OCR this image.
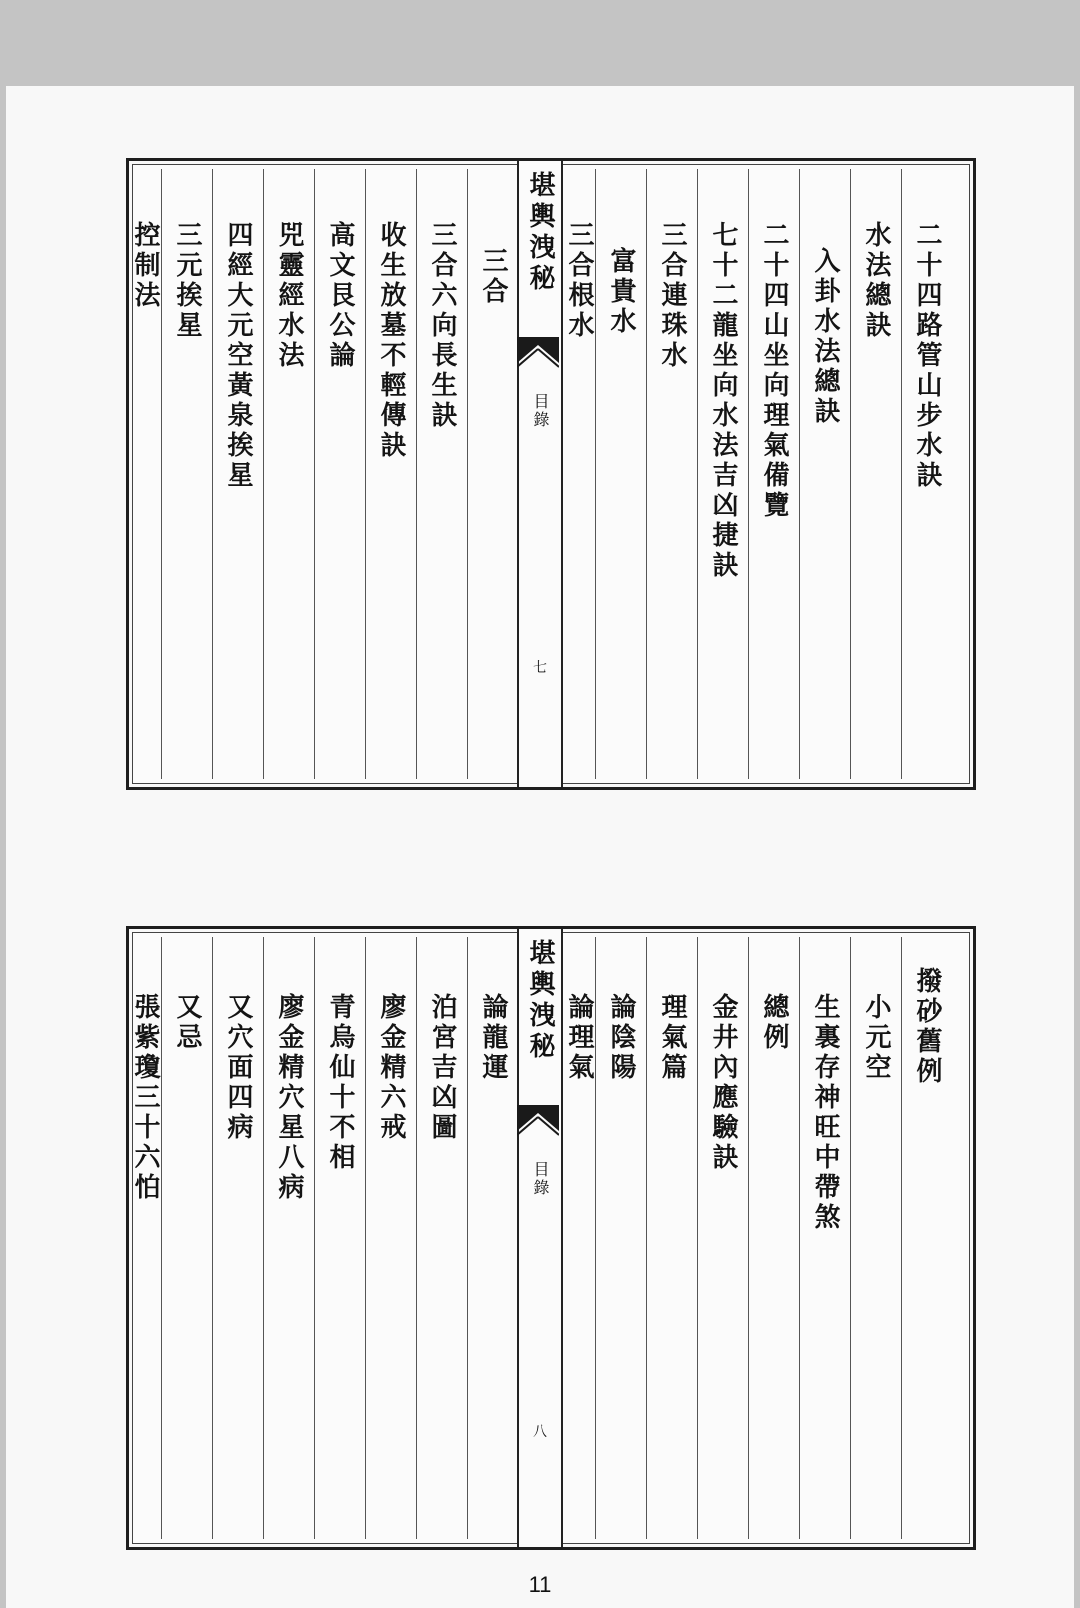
二十四路管山步水訣
水法總訣
入卦水法總訣
二十四山坐向理氣備覽
七十二龍坐向水法吉凶捷訣
三合連珠水
富貴水
三合根水
堪輿洩秘
目錄
七
三合
三合六向長生訣
收生放墓不輕傳訣
高文艮公論
兕靈經水法
四經大元空黃泉挨星
三元挨星
控制法
撥砂舊例
小元空
生裏存神旺中帶煞
總例
金井內應驗訣
理氣篇
論陰陽
論理氣
堪輿洩秘
目錄
八
論龍運
泊宮吉凶圖
廖金精六戒
青烏仙十不相
廖金精穴星八病
又穴面四病
又忌
張紫瓊三十六怕
11
